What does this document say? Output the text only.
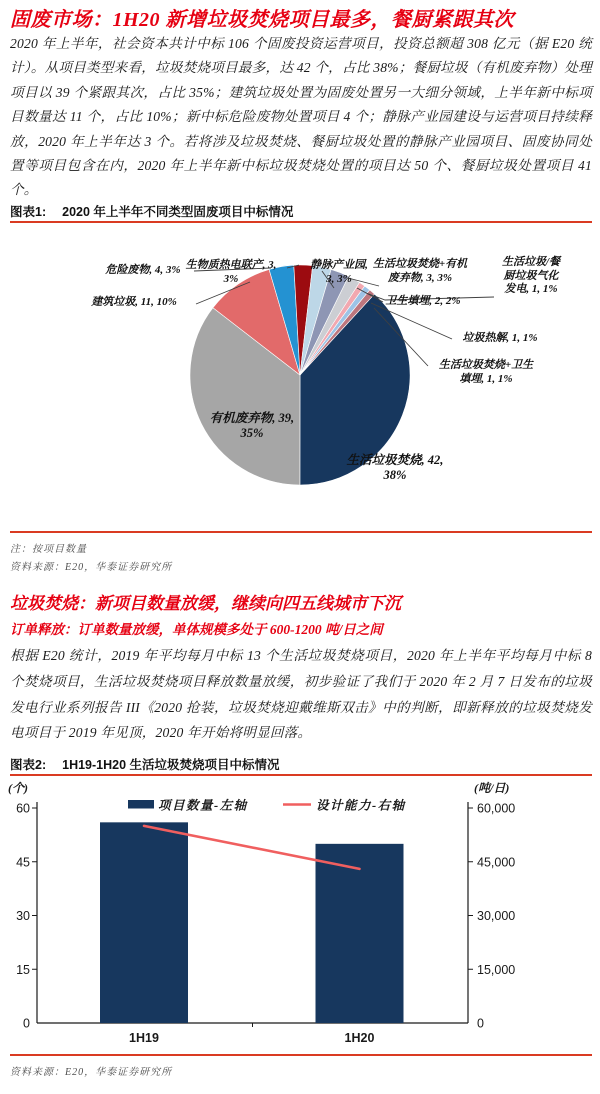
固废市场：1H20 新增垃圾焚烧项目最多，餐厨紧跟其次
2020 年上半年，社会资本共计中标 106 个固废投资运营项目，投资总额超 308 亿元（据 E20 统计）。从项目类型来看，垃圾焚烧项目最多，达 42 个，占比 38%；餐厨垃圾（有机废弃物）处理项目以 39 个紧跟其次，占比 35%；建筑垃圾处置为固废处置另一大细分领域，上半年新中标项目数量达 11 个，占比 10%；新中标危险废物处置项目 4 个；静脉产业园建设与运营项目持续释放，2020 年上半年达 3 个。若将涉及垃圾焚烧、餐厨垃圾处置的静脉产业园项目、固废协同处置等项目包含在内，2020 年上半年新中标垃圾焚烧处置的项目达 50 个、餐厨垃圾处置项目 41 个。
图表1: 2020 年上半年不同类型固废项目中标情况
生活垃圾焚烧, 42,
38%
有机废弃物, 39,
35%
建筑垃圾, 11, 10%
危险废物, 4, 3% 生物质热电联产, 3,
3%
静脉产业园,
3, 3%
生活垃圾焚烧+有机
废弃物, 3, 3%
卫生填埋, 2, 2%
生活垃圾/餐
厨垃圾气化
发电, 1, 1%
垃圾热解, 1, 1%
生活垃圾焚烧+卫生
填埋, 1, 1%
注：按项目数量
资料来源：E20，华泰证券研究所
垃圾焚烧：新项目数量放缓，继续向四五线城市下沉
订单释放：订单数量放缓，单体规模多处于 600-1200 吨/日之间
根据 E20 统计，2019 年平均每月中标 13 个生活垃圾焚烧项目，2020 年上半年平均每月中标 8 个焚烧项目，生活垃圾焚烧项目释放数量放缓，初步验证了我们于 2020 年 2 月 7 日发布的垃圾发电行业系列报告 III《2020 抢装，垃圾焚烧迎戴维斯双击》中的判断，即新释放的垃圾焚烧发电项目于 2019 年见顶，2020 年开始将明显回落。
图表2: 1H19-1H20 生活垃圾焚烧项目中标情况
(个)	(吨/日)
项目数量-左轴	设计能力-右轴
60
45
30
15
0
60,000
45,000
30,000
15,000
0
1H19	1H20
资料来源：E20，华泰证券研究所
